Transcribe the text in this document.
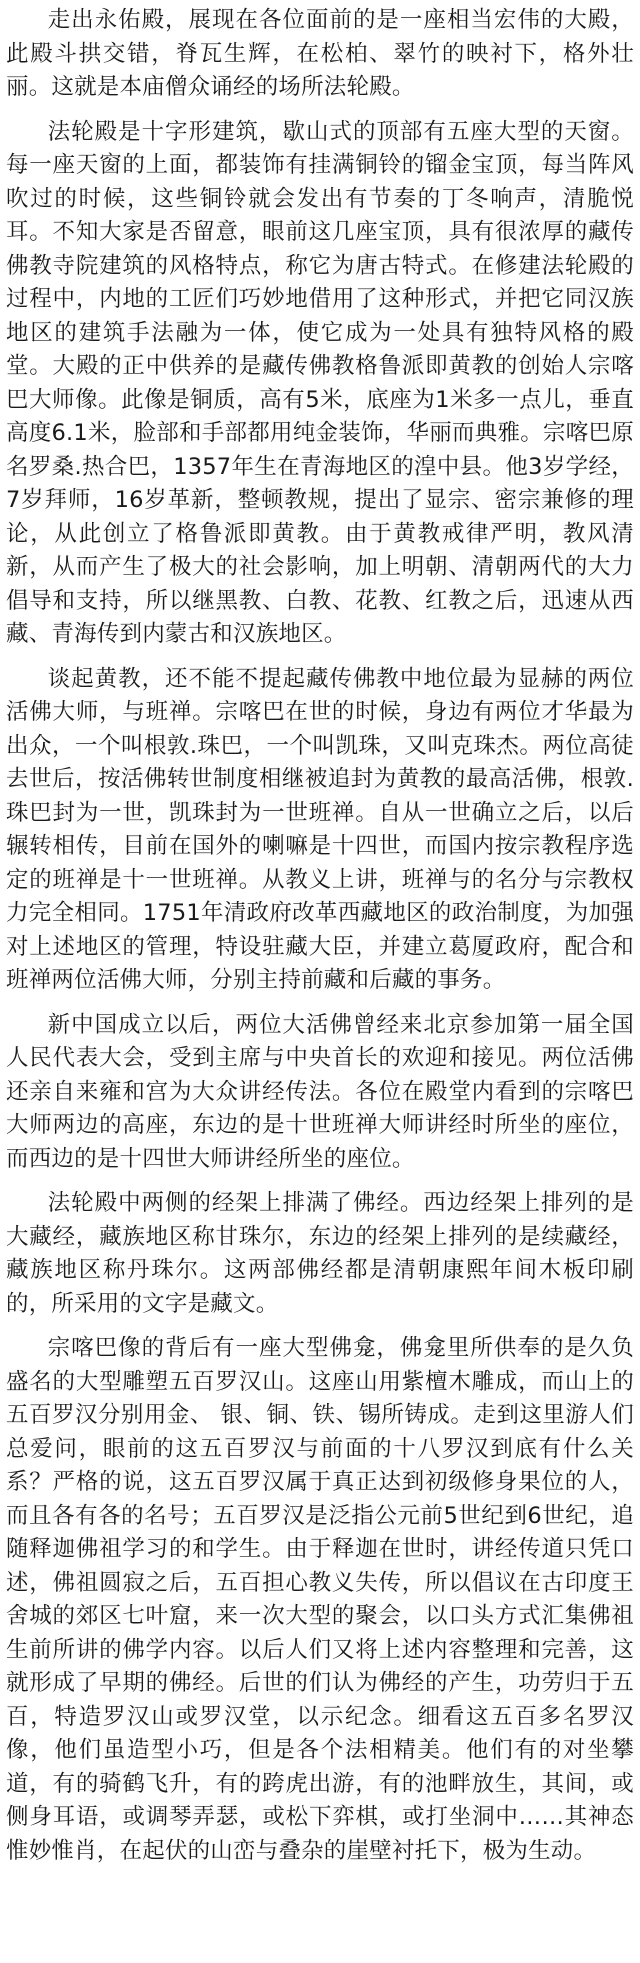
走出永佑殿，展现在各位面前的是一座相当宏伟的大殿，此殿斗拱交错，脊瓦生辉，在松柏、翠竹的映衬下，格外壮丽。这就是本庙僧众诵经的场所法轮殿。

法轮殿是十字形建筑，歇山式的顶部有五座大型的天窗。每一座天窗的上面，都装饰有挂满铜铃的镏金宝顶，每当阵风吹过的时候，这些铜铃就会发出有节奏的丁冬响声，清脆悦耳。不知大家是否留意，眼前这几座宝顶，具有很浓厚的藏传佛教寺院建筑的风格特点，称它为唐古特式。在修建法轮殿的过程中，内地的工匠们巧妙地借用了这种形式，并把它同汉族地区的建筑手法融为一体，使它成为一处具有独特风格的殿堂。大殿的正中供养的是藏传佛教格鲁派即黄教的创始人宗喀巴大师像。此像是铜质，高有5米，底座为1米多一点儿，垂直高度6.1米，脸部和手部都用纯金装饰，华丽而典雅。宗喀巴原名罗桑.热合巴，1357年生在青海地区的湟中县。他3岁学经，7岁拜师，16岁革新，整顿教规，提出了显宗、密宗兼修的理论，从此创立了格鲁派即黄教。由于黄教戒律严明，教风清新，从而产生了极大的社会影响，加上明朝、清朝两代的大力倡导和支持，所以继黑教、白教、花教、红教之后，迅速从西藏、青海传到内蒙古和汉族地区。

谈起黄教，还不能不提起藏传佛教中地位最为显赫的两位活佛大师，与班禅。宗喀巴在世的时候，身边有两位才华最为出众，一个叫根敦.珠巴，一个叫凯珠，又叫克珠杰。两位高徒去世后，按活佛转世制度相继被追封为黄教的最高活佛，根敦.珠巴封为一世，凯珠封为一世班禅。自从一世确立之后，以后辗转相传，目前在国外的喇嘛是十四世，而国内按宗教程序选定的班禅是十一世班禅。从教义上讲，班禅与的名分与宗教权力完全相同。1751年清政府改革西藏地区的政治制度，为加强对上述地区的管理，特设驻藏大臣，并建立葛厦政府，配合和班禅两位活佛大师，分别主持前藏和后藏的事务。

新中国成立以后，两位大活佛曾经来北京参加第一届全国人民代表大会，受到主席与中央首长的欢迎和接见。两位活佛还亲自来雍和宫为大众讲经传法。各位在殿堂内看到的宗喀巴大师两边的高座，东边的是十世班禅大师讲经时所坐的座位，而西边的是十四世大师讲经所坐的座位。

法轮殿中两侧的经架上排满了佛经。西边经架上排列的是大藏经，藏族地区称甘珠尔，东边的经架上排列的是续藏经，藏族地区称丹珠尔。这两部佛经都是清朝康熙年间木板印刷的，所采用的文字是藏文。

宗喀巴像的背后有一座大型佛龛，佛龛里所供奉的是久负盛名的大型雕塑五百罗汉山。这座山用紫檀木雕成，而山上的五百罗汉分别用金、 银、铜、铁、锡所铸成。走到这里游人们总爱问，眼前的这五百罗汉与前面的十八罗汉到底有什么关系？严格的说，这五百罗汉属于真正达到初级修身果位的人，而且各有各的名号；五百罗汉是泛指公元前5世纪到6世纪，追随释迦佛祖学习的和学生。由于释迦在世时，讲经传道只凭口述，佛祖圆寂之后，五百担心教义失传，所以倡议在古印度王舍城的郊区七叶窟，来一次大型的聚会，以口头方式汇集佛祖生前所讲的佛学内容。以后人们又将上述内容整理和完善，这就形成了早期的佛经。后世的们认为佛经的产生，功劳归于五百，特造罗汉山或罗汉堂，以示纪念。细看这五百多名罗汉像，他们虽造型小巧，但是各个法相精美。他们有的对坐攀道，有的骑鹤飞升，有的跨虎出游，有的池畔放生，其间，或侧身耳语，或调琴弄瑟，或松下弈棋，或打坐洞中……其神态惟妙惟肖，在起伏的山峦与叠杂的崖壁衬托下，极为生动。
